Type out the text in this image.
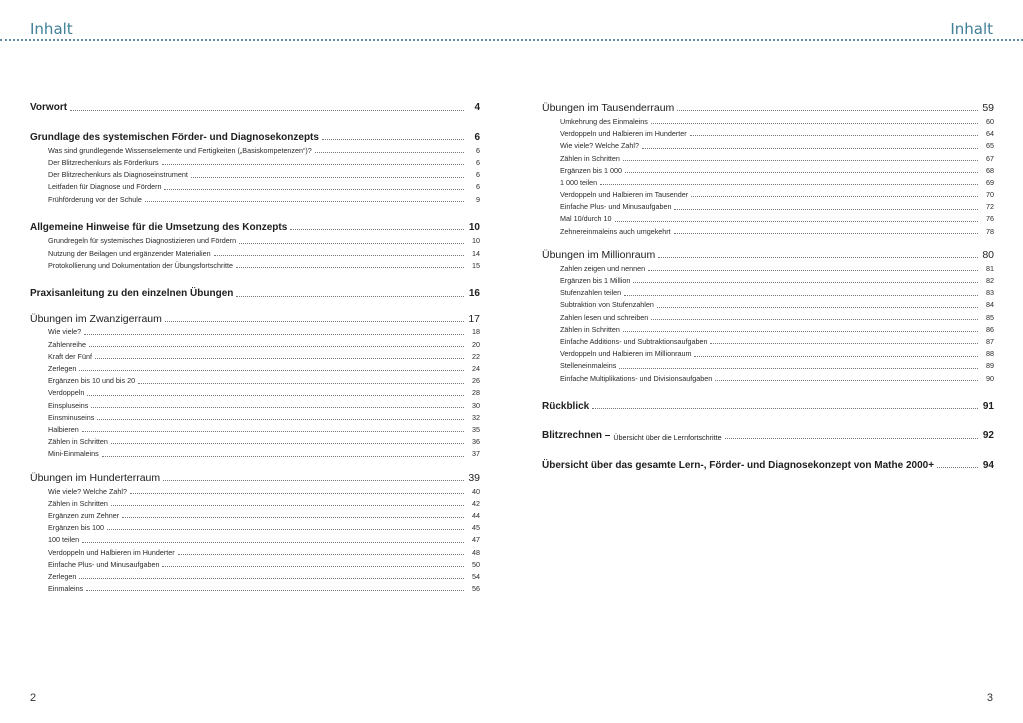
Inhalt	Inhalt
Vorwort	4
Grundlage des systemischen Förder- und Diagnosekonzepts	6
Was sind grundlegende Wissenselemente und Fertigkeiten („Basiskompetenzen“)?	6
Der Blitzrechenkurs als Förderkurs	6
Der Blitzrechenkurs als Diagnoseinstrument	6
Leitfaden für Diagnose und Fördern	6
Frühförderung vor der Schule	9
Allgemeine Hinweise für die Umsetzung des Konzepts	10
Grundregeln für systemisches Diagnostizieren und Fördern	10
Nutzung der Beilagen und ergänzender Materialien	14
Protokollierung und Dokumentation der Übungsfortschritte	15
Praxisanleitung zu den einzelnen Übungen	16
Übungen im Zwanzigerraum	17
Wie viele?	18
Zahlenreihe	20
Kraft der Fünf	22
Zerlegen	24
Ergänzen bis 10 und bis 20	26
Verdoppeln	28
Einspluseins	30
Einsminuseins	32
Halbieren	35
Zählen in Schritten	36
Mini-Einmaleins	37
Übungen im Hunderterraum	39
Wie viele? Welche Zahl?	40
Zählen in Schritten	42
Ergänzen zum Zehner	44
Ergänzen bis 100	45
100 teilen	47
Verdoppeln und Halbieren im Hunderter	48
Einfache Plus- und Minusaufgaben	50
Zerlegen	54
Einmaleins	56
Übungen im Tausenderraum	59
Umkehrung des Einmaleins	60
Verdoppeln und Halbieren im Hunderter	64
Wie viele? Welche Zahl?	65
Zählen in Schritten	67
Ergänzen bis 1 000	68
1 000 teilen	69
Verdoppeln und Halbieren im Tausender	70
Einfache Plus- und Minusaufgaben	72
Mal 10/durch 10	76
Zehnereinmaleins auch umgekehrt	78
Übungen im Millionraum	80
Zahlen zeigen und nennen	81
Ergänzen bis 1 Million	82
Stufenzahlen teilen	83
Subtraktion von Stufenzahlen	84
Zahlen lesen und schreiben	85
Zählen in Schritten	86
Einfache Additions- und Subtraktionsaufgaben	87
Verdoppeln und Halbieren im Millionraum	88
Stelleneinmaleins	89
Einfache Multiplikations- und Divisionsaufgaben	90
Rückblick	91
Blitzrechnen – Übersicht über die Lernfortschritte	92
Übersicht über das gesamte Lern-, Förder- und Diagnosekonzept von Mathe 2000+	94
2	3
